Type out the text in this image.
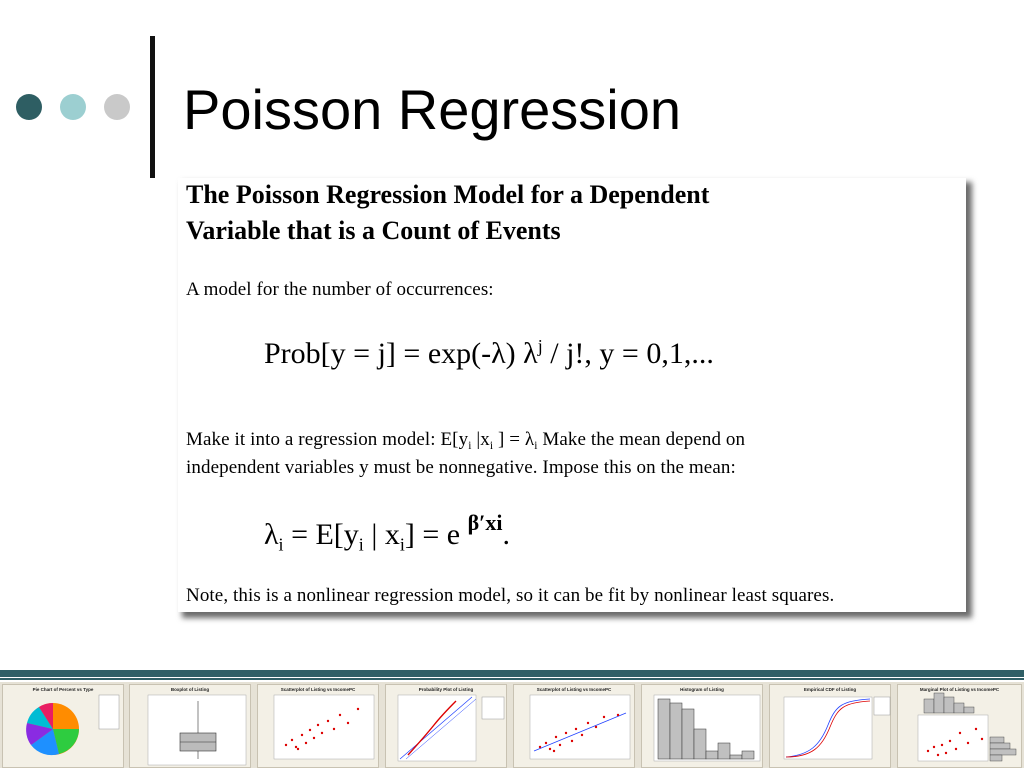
Poisson Regression
The Poisson Regression Model for a Dependent
Variable that is a Count of Events
A model for the number of occurrences:
Prob[y = j] = exp(-λ) $\lambda^j$ / j!, y = 0,1,...
Make it into a regression model: $E[y_i$ $|x_i$ ] = $\lambda_i$ Make the mean depend on
independent variables y must be nonnegative. Impose this on the mean:
$\lambda_i = E[y_i$ | $x_i] = e$ $^{\beta'xi}$.
Note, this is a nonlinear regression model, so it can be fit by nonlinear least squares.
Pie Chart of Percent vs Type	Boxplot of Listing	Scatterplot of Listing vs IncomePC	Probability Plot of Listing	Scatterplot of Listing vs IncomePC	Histogram of Listing	Empirical CDF of Listing	Marginal Plot of Listing vs IncomePC
